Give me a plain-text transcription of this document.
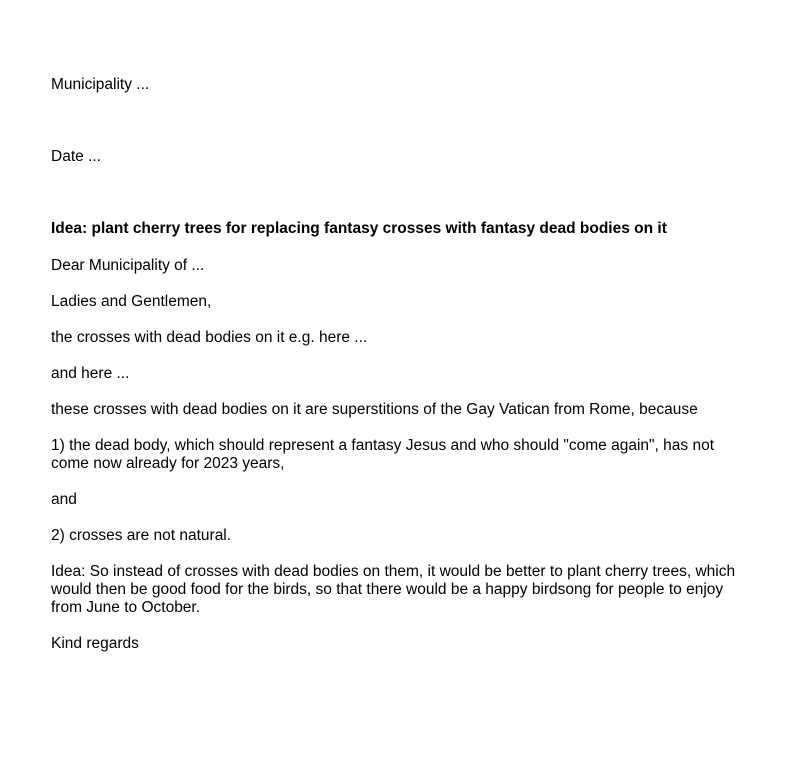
Municipality ...

Date ...

Idea: plant cherry trees for replacing fantasy crosses with fantasy dead bodies on it

Dear Municipality of ...

Ladies and Gentlemen,

the crosses with dead bodies on it e.g. here ...

and here ...

these crosses with dead bodies on it are superstitions of the Gay Vatican from Rome, because

1) the dead body, which should represent a fantasy Jesus and who should "come again", has not

come now already for 2023 years,

and

2) crosses are not natural.

Idea: So instead of crosses with dead bodies on them, it would be better to plant cherry trees, which

would then be good food for the birds, so that there would be a happy birdsong for people to enjoy

from June to October.

Kind regards
